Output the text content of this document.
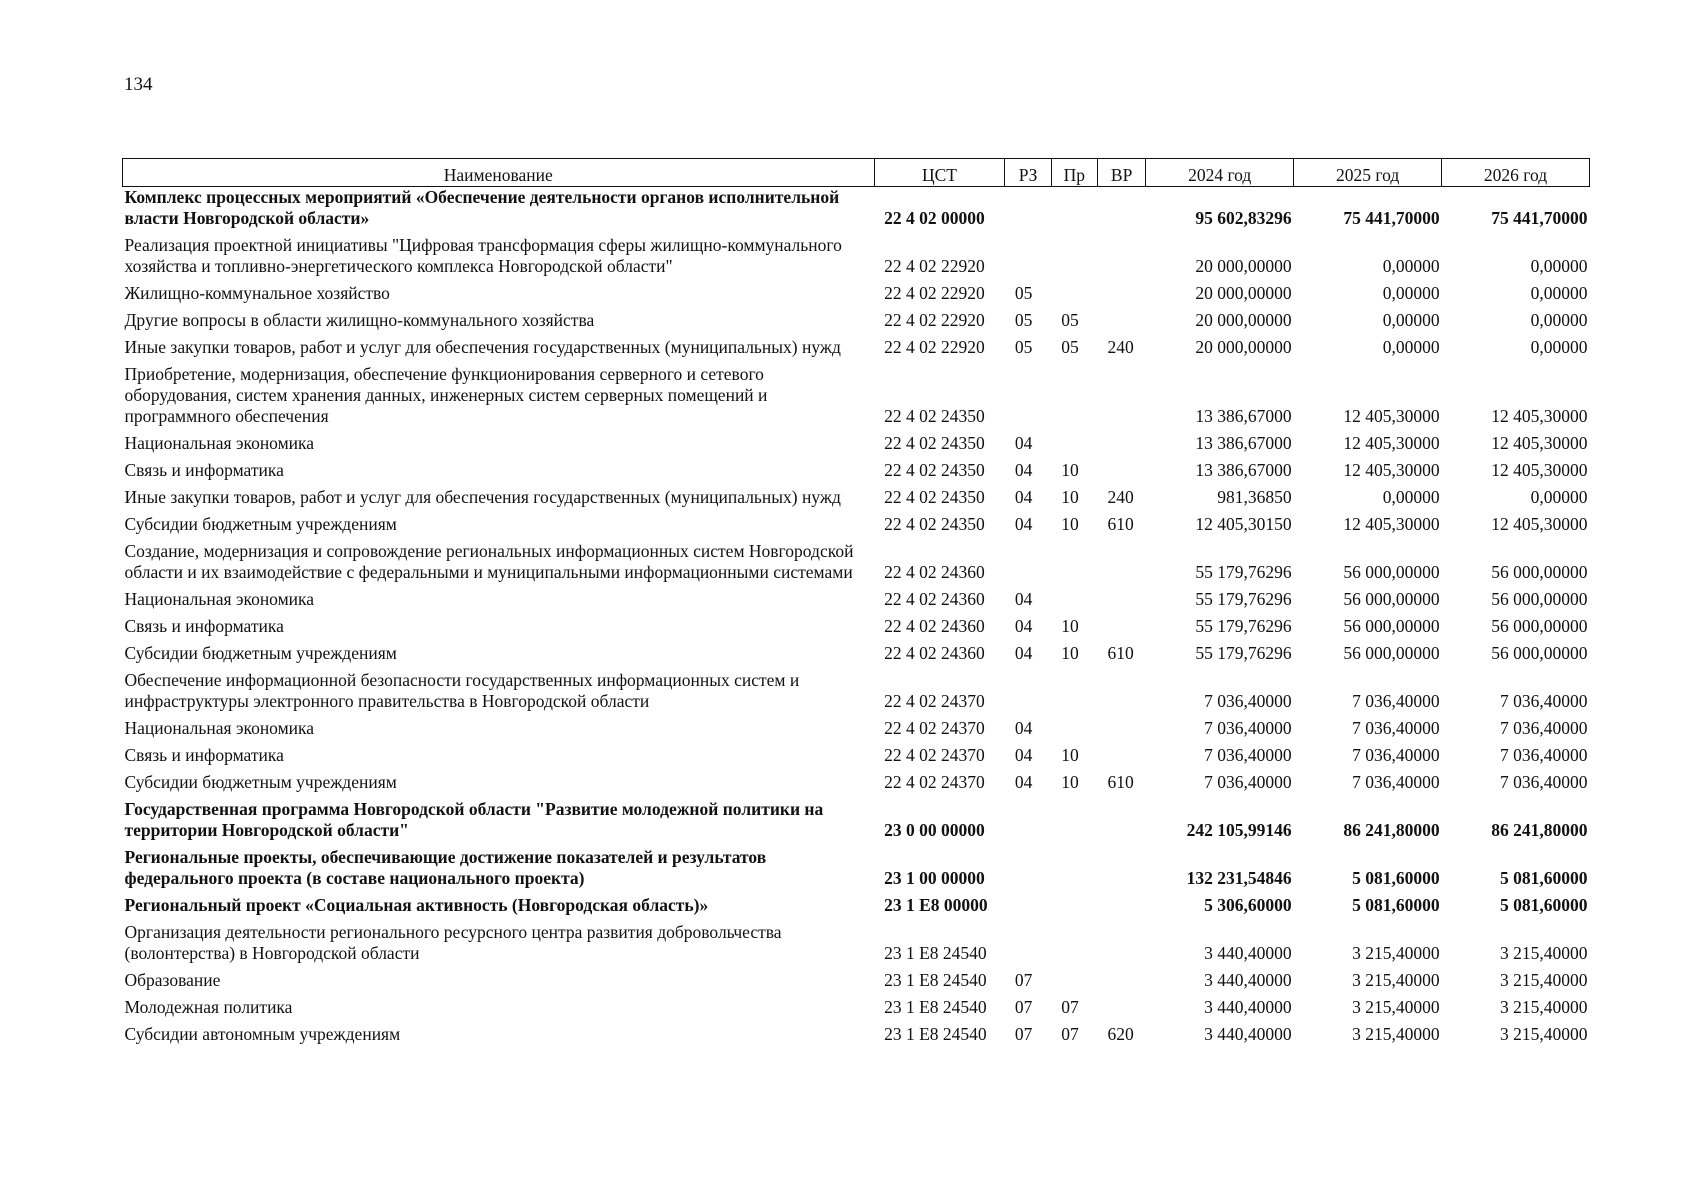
134
Наименование	ЦСТ	РЗ	Пр	ВР	2024 год	2025 год	2026 год
Комплекс процессных мероприятий «Обеспечение деятельности органов исполнительной власти Новгородской области»	22 4 02 00000				95 602,83296	75 441,70000	75 441,70000
Реализация проектной инициативы "Цифровая трансформация сферы жилищно-коммунального хозяйства и топливно-энергетического комплекса Новгородской области"	22 4 02 22920				20 000,00000	0,00000	0,00000
Жилищно-коммунальное хозяйство	22 4 02 22920	05			20 000,00000	0,00000	0,00000
Другие вопросы в области жилищно-коммунального хозяйства	22 4 02 22920	05	05		20 000,00000	0,00000	0,00000
Иные закупки товаров, работ и услуг для обеспечения государственных (муниципальных) нужд	22 4 02 22920	05	05	240	20 000,00000	0,00000	0,00000
Приобретение, модернизация, обеспечение функционирования серверного и сетевого оборудования, систем хранения данных, инженерных систем серверных помещений и программного обеспечения	22 4 02 24350				13 386,67000	12 405,30000	12 405,30000
Национальная экономика	22 4 02 24350	04			13 386,67000	12 405,30000	12 405,30000
Связь и информатика	22 4 02 24350	04	10		13 386,67000	12 405,30000	12 405,30000
Иные закупки товаров, работ и услуг для обеспечения государственных (муниципальных) нужд	22 4 02 24350	04	10	240	981,36850	0,00000	0,00000
Субсидии бюджетным учреждениям	22 4 02 24350	04	10	610	12 405,30150	12 405,30000	12 405,30000
Создание, модернизация и сопровождение региональных информационных систем Новгородской области и их взаимодействие с федеральными и муниципальными информационными системами	22 4 02 24360				55 179,76296	56 000,00000	56 000,00000
Национальная экономика	22 4 02 24360	04			55 179,76296	56 000,00000	56 000,00000
Связь и информатика	22 4 02 24360	04	10		55 179,76296	56 000,00000	56 000,00000
Субсидии бюджетным учреждениям	22 4 02 24360	04	10	610	55 179,76296	56 000,00000	56 000,00000
Обеспечение информационной безопасности государственных информационных систем и инфраструктуры электронного правительства в Новгородской области	22 4 02 24370				7 036,40000	7 036,40000	7 036,40000
Национальная экономика	22 4 02 24370	04			7 036,40000	7 036,40000	7 036,40000
Связь и информатика	22 4 02 24370	04	10		7 036,40000	7 036,40000	7 036,40000
Субсидии бюджетным учреждениям	22 4 02 24370	04	10	610	7 036,40000	7 036,40000	7 036,40000
Государственная программа Новгородской области "Развитие молодежной политики на территории Новгородской области"	23 0 00 00000				242 105,99146	86 241,80000	86 241,80000
Региональные проекты, обеспечивающие достижение показателей и результатов федерального проекта (в составе национального проекта)	23 1 00 00000				132 231,54846	5 081,60000	5 081,60000
Региональный проект «Социальная активность (Новгородская область)»	23 1 E8 00000				5 306,60000	5 081,60000	5 081,60000
Организация деятельности регионального ресурсного центра развития добровольчества (волонтерства) в Новгородской области	23 1 E8 24540				3 440,40000	3 215,40000	3 215,40000
Образование	23 1 E8 24540	07			3 440,40000	3 215,40000	3 215,40000
Молодежная политика	23 1 E8 24540	07	07		3 440,40000	3 215,40000	3 215,40000
Субсидии автономным учреждениям	23 1 E8 24540	07	07	620	3 440,40000	3 215,40000	3 215,40000
